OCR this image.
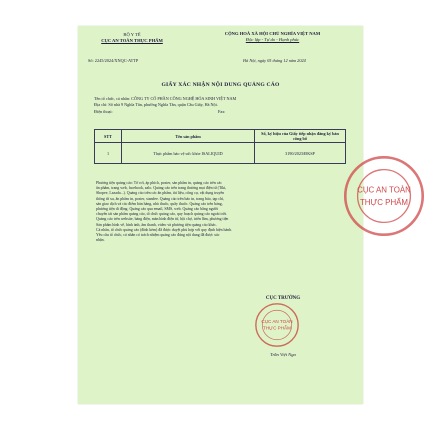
BỘ Y TẾ
CỤC AN TOÀN THỰC PHẨM
CỘNG HOÀ XÃ HỘI CHỦ NGHĨA VIỆT NAM
Độc lập - Tự do - Hạnh phúc
Số: 2245/2024/XNQC-ATTP	Hà Nội, ngày 05 tháng 12 năm 2024
GIẤY XÁC NHẬN NỘI DUNG QUẢNG CÁO
Tên tổ chức, cá nhân: CÔNG TY CỔ PHẦN CÔNG NGHỆ HÓA SINH VIỆT NAM
Địa chỉ: Số nhà 9 Nghĩa Tân, phường Nghĩa Tân, quận Cầu Giấy, Hà Nội.
Điện thoại:	Fax:
STT	Tên sản phẩm	Số, ký hiệu của Giấy tiếp nhận đăng ký bản công bố
1	Thực phẩm bảo vệ sức khỏe ISALIQUID	3190/2023/ĐKSP
Phương tiện quảng cáo: Tờ rơi, áp phích, poster, sản phẩm in, quảng cáo trên các
ấn phẩm, trang web, facebook, zalo. Quảng cáo trên trang thương mại điện tử (Tiki,
Shopee, Lazada...). Quảng cáo trên các ấn phẩm, tài liệu, công cụ, vật dụng truyền
thông từ xa, ấn phẩm in, poster, standee. Quảng cáo trên báo in, trang báo, tạp chí,
sàn giao dịch và các điểm bán hàng, nhà thuốc, quầy thuốc. Quảng cáo trên bảng,
phương tiện di động. Quảng cáo qua email, SMS, web. Quảng cáo bằng người
chuyển tải sản phẩm quảng cáo, tổ chức quảng cáo, quy hoạch quảng cáo ngoài trời.
Quảng cáo trên website, bảng điện, màn hình điện tử, hội chợ, triển lãm, phương tiện
Sản phẩm hình vẽ, hình ảnh, âm thanh, video và phương tiện quảng cáo khác.
Cá nhân, tổ chức quảng cáo (đính kèm) đã được duyệt phù hợp với quy định hiện hành.
Yêu cầu tổ chức, cá nhân có trách nhiệm quảng cáo đúng nội dung đã được xác
nhận.
CỤC TRƯỞNG
CỤC AN TOÀN
THỰC PHẨM
Trần Việt Nga
CỤC AN TOÀN
THỰC PHẨM
